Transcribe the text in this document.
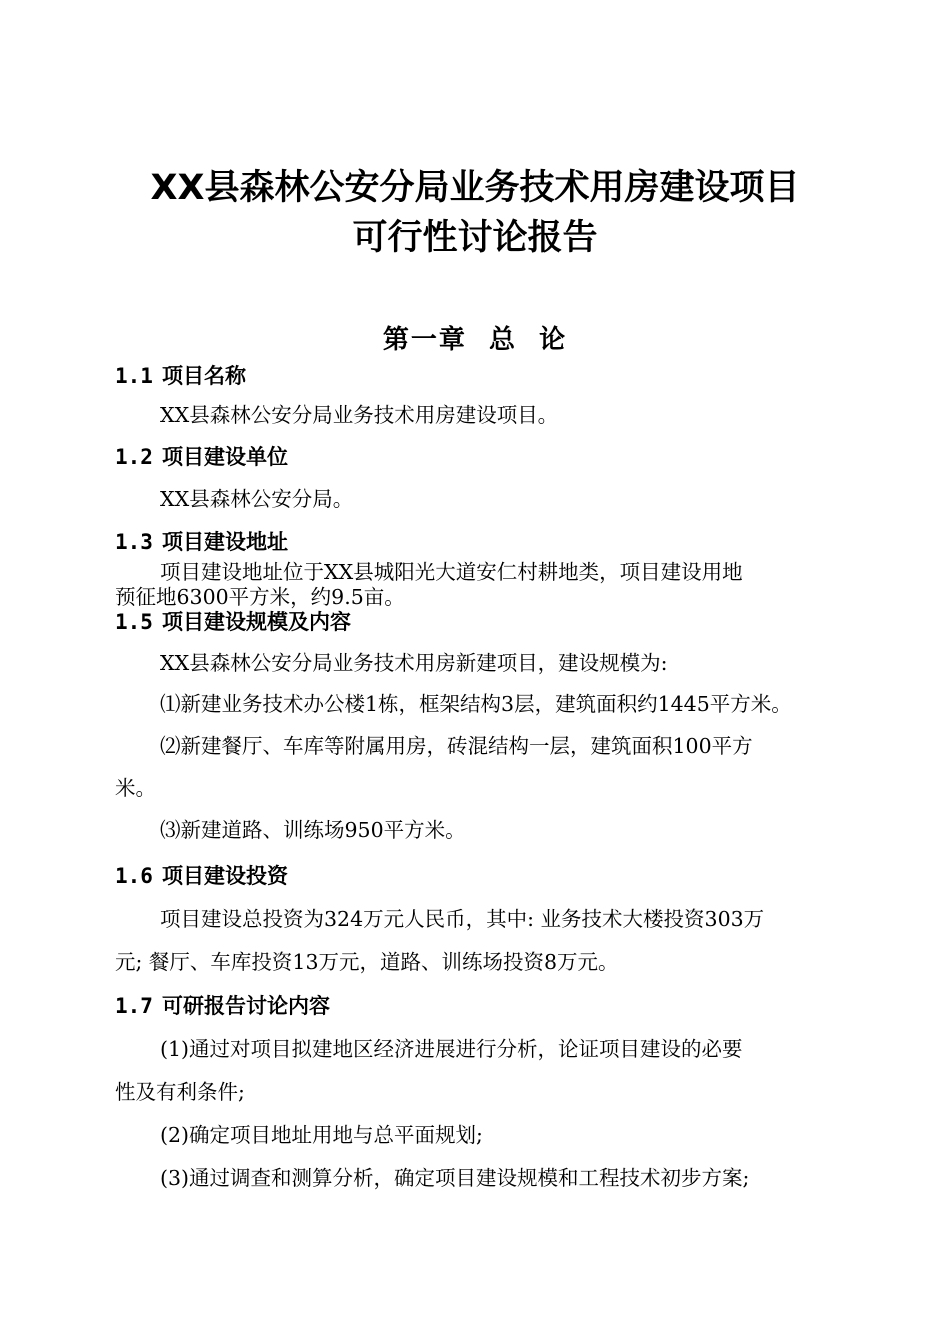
XX县森林公安分局业务技术用房建设项目
可行性讨论报告
第一章  总  论
1.1 项目名称
XX县森林公安分局业务技术用房建设项目。
1.2 项目建设单位
XX县森林公安分局。
1.3 项目建设地址
项目建设地址位于XX县城阳光大道安仁村耕地类，项目建设用地
预征地6300平方米，约9.5亩。
1.5 项目建设规模及内容
XX县森林公安分局业务技术用房新建项目，建设规模为:
⑴新建业务技术办公楼1栋，框架结构3层，建筑面积约1445平方米。
⑵新建餐厅、车库等附属用房，砖混结构一层，建筑面积100平方
米。
⑶新建道路、训练场950平方米。
1.6 项目建设投资
项目建设总投资为324万元人民币，其中: 业务技术大楼投资303万
元; 餐厅、车库投资13万元，道路、训练场投资8万元。
1.7 可研报告讨论内容
(1)通过对项目拟建地区经济进展进行分析，论证项目建设的必要
性及有利条件;
(2)确定项目地址用地与总平面规划;
(3)通过调查和测算分析，确定项目建设规模和工程技术初步方案;
